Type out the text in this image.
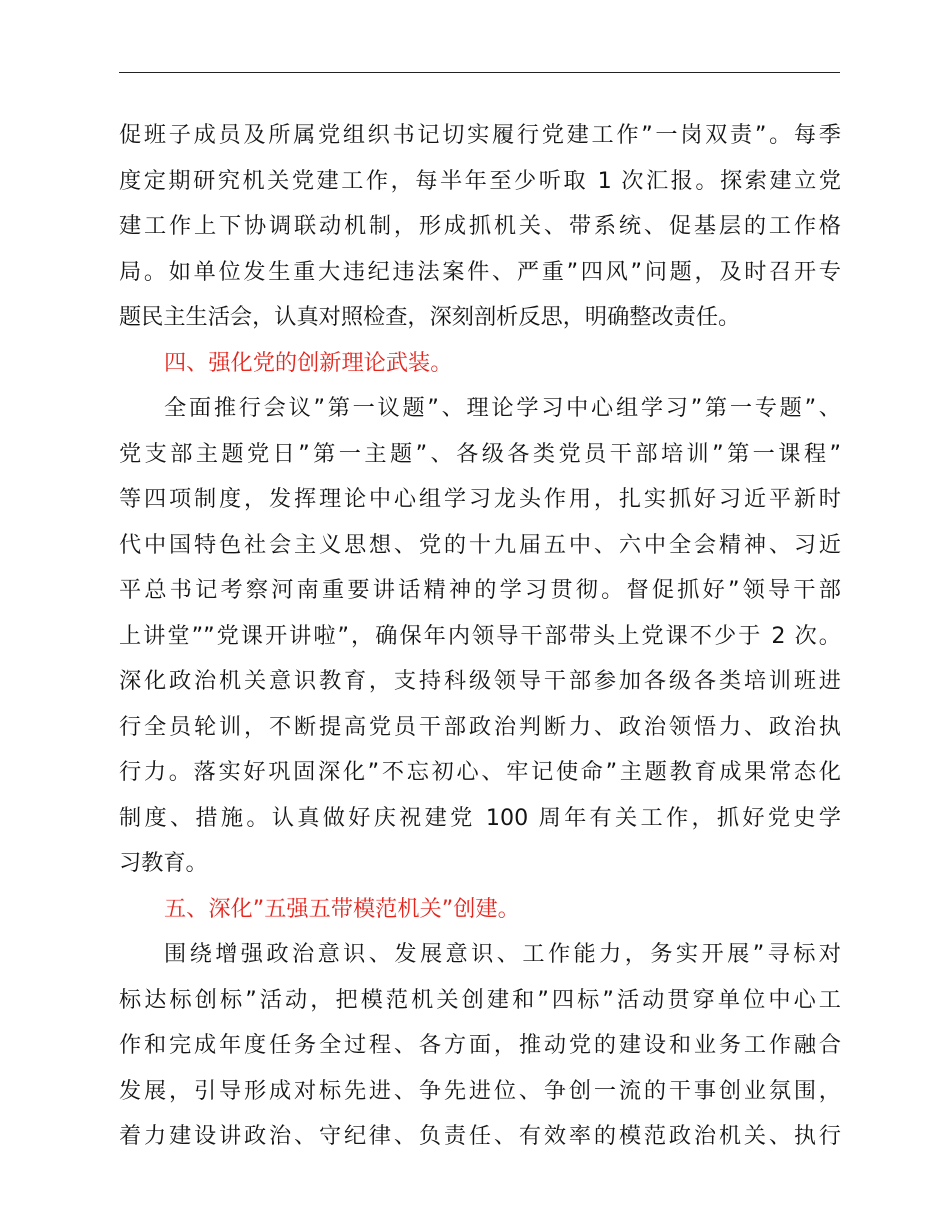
促班子成员及所属党组织书记切实履行党建工作”一岗双责”。每季
度定期研究机关党建工作，每半年至少听取 1 次汇报。探索建立党
建工作上下协调联动机制，形成抓机关、带系统、促基层的工作格
局。如单位发生重大违纪违法案件、严重”四风”问题，及时召开专
题民主生活会，认真对照检查，深刻剖析反思，明确整改责任。
四、强化党的创新理论武装。
全面推行会议”第一议题”、理论学习中心组学习”第一专题”、
党支部主题党日”第一主题”、各级各类党员干部培训”第一课程”
等四项制度，发挥理论中心组学习龙头作用，扎实抓好习近平新时
代中国特色社会主义思想、党的十九届五中、六中全会精神、习近
平总书记考察河南重要讲话精神的学习贯彻。督促抓好”领导干部
上讲堂””党课开讲啦”，确保年内领导干部带头上党课不少于 2 次。
深化政治机关意识教育，支持科级领导干部参加各级各类培训班进
行全员轮训，不断提高党员干部政治判断力、政治领悟力、政治执
行力。落实好巩固深化”不忘初心、牢记使命”主题教育成果常态化
制度、措施。认真做好庆祝建党 100 周年有关工作，抓好党史学
习教育。
五、深化”五强五带模范机关”创建。
围绕增强政治意识、发展意识、工作能力，务实开展”寻标对
标达标创标”活动，把模范机关创建和”四标”活动贯穿单位中心工
作和完成年度任务全过程、各方面，推动党的建设和业务工作融合
发展，引导形成对标先进、争先进位、争创一流的干事创业氛围，
着力建设讲政治、守纪律、负责任、有效率的模范政治机关、执行
